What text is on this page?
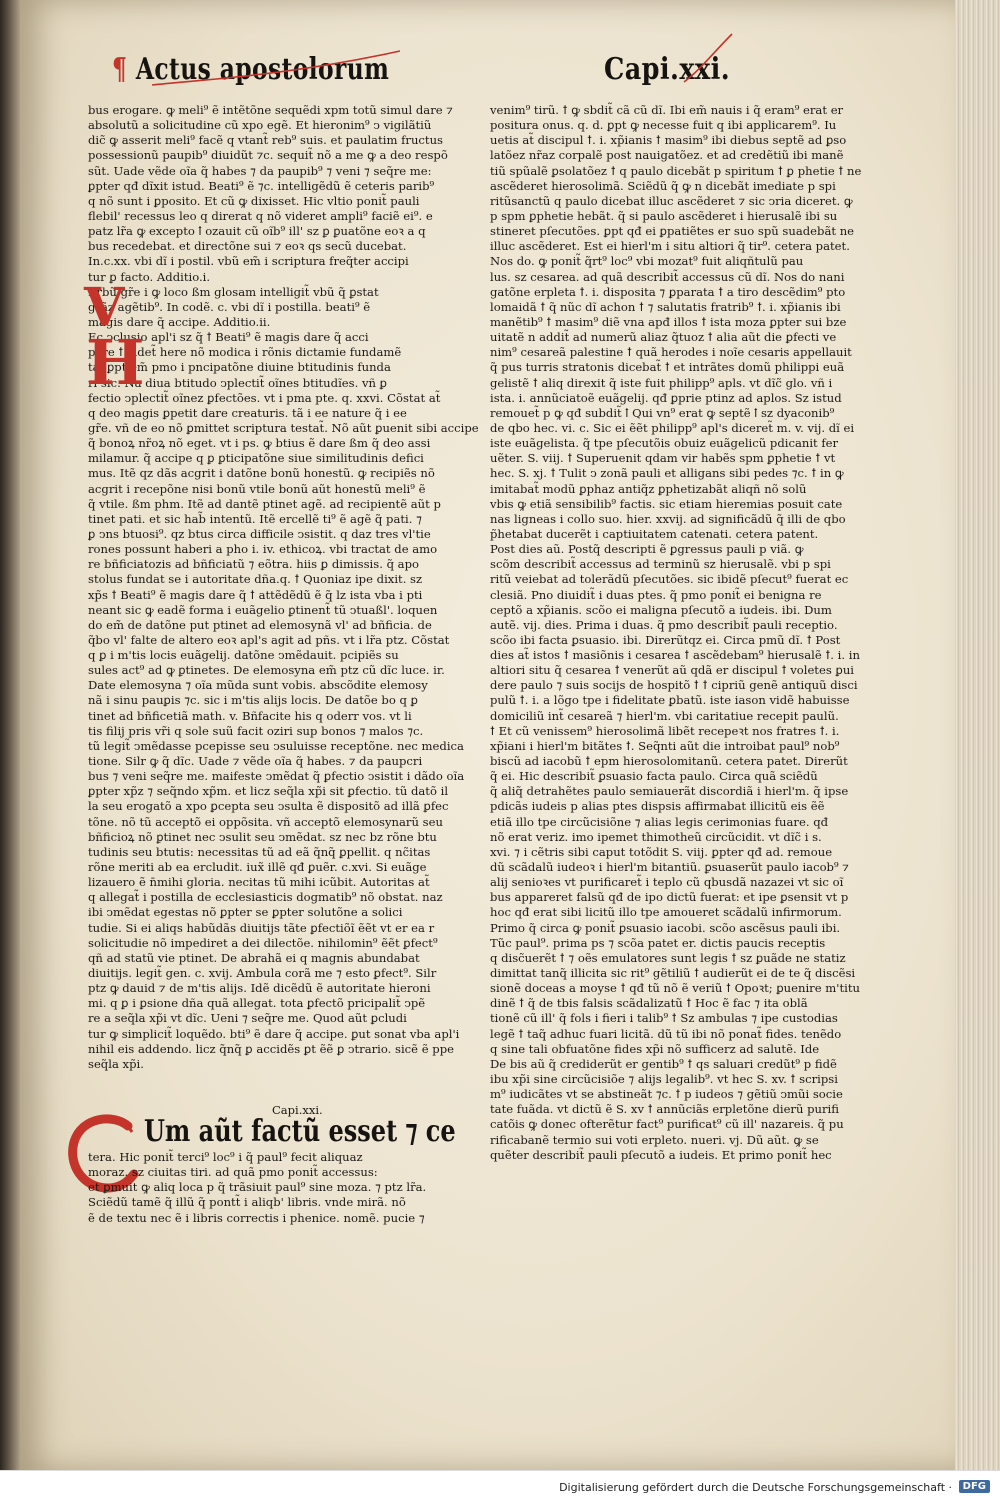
¶ Actus apostolorum	Capi.xxi.
bus erogare. ꝙ meli⁹ ẽ intẽtõne sequẽdi xpm totũ simul dare ⁊
absolutũ a solicitudine cũ xpo egẽ. Et hieronim⁹ ↄ vigilãtiũ
dic̃ ꝙ asserit meli⁹ facẽ q vtant̃ reb⁹ suis. et paulatim fructus
possessionũ paupib⁹ diuidũt ⁊c. sequit̃ nõ a me ꝙ a deo respõ
sũt. Uade vẽde oĩa q̃ habes ⁊ da paupib⁹ ⁊ veni ⁊ seq̃re me:
ꝑpter qđ dĩxit istud. Beati⁹ ẽ ⁊c. intelligẽdũ ẽ ceteris parib⁹
q nõ sunt i ꝑposito. Et cũ ꝙ dixisset. Hic vltio ponit̃ pauli
flebil' recessus leo q direrat q nõ videret ampli⁹ faciẽ ei⁹. e
patz lr̃a ꝙ excepto ꝉ ozauit cũ oĩb⁹ ill' sz ꝑ ꝑuatõne eoꝛ a q
bus recedebat. et directõne sui ⁊ eoꝛ qs secũ ducebat.
In.c.xx. vbi dĩ i postil. vbũ em̃ i scriptura freq̃ter accipi
tur ꝑ facto. Additio.i.
Erbũ gr̃e i ꝙ loco ßm glosam intelligit̃ vbũ q̃ ꝑstat
grãz agẽtib⁹. In codẽ. c. vbi dĩ i postilla. beati⁹ ẽ
magis dare q̃ accipe. Additio.ii.
Ec ↄclusio apl'i sz q̃ ꝉ Beati⁹ ẽ magis dare q̃ acci
pere ꝉ videt̃ here nõ modica i rõnis dictamie fundamẽ
ta. ꝑpt em̃ pmo i pncipatõne diuine btitudinis funda
ri sic. Na diua btitudo ↄplectit̃ oĩnes btitudĩes. vñ ꝑ
fectio ↄplectit̃ oĩnez ꝑfectões. vt i pma pte. q. xxvi. Cõstat at̃
q deo magis ꝑpetit dare creaturis. tã i ee nature q̃ i ee
gr̃e. vñ de eo nõ ꝑmittet scriptura testat̃. Nõ aũt ꝑuenit sibi accipe
q̃ bonoꝝ nr̃oꝝ nõ eget. vt i ps. ꝙ btius ẽ dare ßm q̃ deo assi
milamur. q̃ accipe q ꝑ ꝑticipatõne siue similitudinis defici
mus. Itẽ qz dãs acgrit i datõne bonũ honestũ. ꝙ recipiẽs nõ
acgrit i recepõne nisi bonũ vtile bonũ aũt honestũ meli⁹ ẽ
q̃ vtile. ßm phm. Itẽ ad dantẽ ptinet agẽ. ad recipientẽ aũt p
tinet pati. et sic hab̃ intentũ. Itẽ ercellẽ ti⁹ ẽ agẽ q̃ pati. ⁊
ꝑ ↄns btuosi⁹. qz btus circa difficile ↄsistit. q daz tres vl'tie
rones possunt haberi a pho i. iv. ethicoꝝ. vbi tractat de amo
re bñficiatozis ad bñficiatũ ⁊ eõtra. hiis ꝑ dimissis. q̃ apo
stolus fundat se i autoritate dña.q. ꝉ Quoniaz ipe dixit. sz
xp̃s ꝉ Beati⁹ ẽ magis dare q̃ ꝉ attẽdẽdũ ẽ q̃ lz ista vba i pti
neant sic ꝙ eadẽ forma i euãgelio ꝑtinent̃ tũ ↄtuaßl'. loquen
do em̃ de datõne put ptinet ad elemosynã vl' ad bñficia. de
q̃bo vl' falte de altero eoꝛ apl's agit ad pñs. vt i lr̃a ptz. Cõstat
q ꝑ i m'tis locis euãgelij. datõne ↄmẽdauit. pcipiẽs su
sules act⁹ ad ꝙ ꝑtinetes. De elemosyna em̃ ptz cũ dĩc luce. ir.
Date elemosyna ⁊ oĩa mũda sunt vobis. abscõdite elemosy
nã i sinu pauꝑis ⁊c. sic i m'tis alijs locis. De datõe bo q ꝑ
tinet ad bñficetiã math. v. Bñfacite his q oderr vos. vt li
tis filij pris vr̃i q sole suũ facit oziri sup bonos ⁊ malos ⁊c.
tũ legit̃ ↄmẽdasse pcepisse seu ↄsuluisse receptõne. nec medica
tione. Silr ꝙ q̃ dĩc. Uade ⁊ vẽde oĩa q̃ habes. ⁊ da paupcri
bus ⁊ veni seq̃re me. maifeste ↄmẽdat q̃ ꝑfectio ↄsistit i dãdo oĩa
ꝑpter xp̃z ⁊ seq̃ndo xp̃m. et licz seq̃la xp̃i sit ꝑfectio. tũ datõ il
la seu erogatõ a xpo ꝑcepta seu ↄsulta ẽ dispositõ ad illã ꝑfec
tõne. nõ tũ acceptõ ei oppõsita. vñ acceptõ elemosynarũ seu
bñficioꝝ nõ ꝑtinet nec ↄsulit seu ↄmẽdat. sz nec bz rõne btu
tudinis seu btutis: necessitas tũ ad eã q̃nq̃ ꝑpellit. q nc̃itas
rõne meriti ab ea ercludit. iux̃ illẽ qđ ꝑuẽr. c.xvi. Si euãge
lizauero ẽ n̄mihi gloria. necitas tũ mihi icũbit. Autoritas at̃
q allegat̃ i postilla de ecclesiasticis dogmatib⁹ nõ obstat. naz
ibi ↄmẽdat egestas nõ ꝑpter se ꝑpter solutõne a solici
tudie. Si ei aliqs habũdãs diuitijs tãte ꝑfectiõĩ ẽẽt vt er ea r
solicitudie nõ impediret a dei dilectõe. nihilomin⁹ ẽẽt ꝑfect⁹
qñ ad statũ vie ptinet. De abrahã ei q magnis abundabat
diuitijs. legit̃ gen. c. xvij. Ambula corã me ⁊ esto ꝑfect⁹. Silr
ptz ꝙ dauid ⁊ de m'tis alijs. Idẽ dicẽdũ ẽ autoritate hieroni
mi. q ꝑ i ꝑsione dña quã allegat. tota ꝑfectõ pricipalit̃ ↄpẽ
re a seq̃la xp̃i vt dĩc. Ueni ⁊ seq̃re me. Quod aũt ꝑcludi
tur ꝙ simplicit̃ loquẽdo. bti⁹ ẽ dare q̃ accipe. ꝑut sonat vba apl'i
nihil eis addendo. licz q̃nq̃ ꝑ accidẽs ꝑt ẽẽ ꝑ ↄtrario. sicẽ ẽ ppe
seq̃la xp̃i.
V
H
Capi.xxi.
Um aũt factũ esset ⁊ ce
tera. Hic ponit̃ terci⁹ loc⁹ i q̃ paul⁹ fecit aliquaz
moraz. sz ciuitas tiri. ad quã pmo ponit̃ accessus:
et ꝑmuit ꝙ aliq loca p q̃ trãsiuit paul⁹ sine moza. ⁊ ptz lr̃a.
Sciẽdũ tamẽ q̃ illũ q̃ pontt̃ i aliqb' libris. vnde mirã. nõ
ẽ de textu nec ẽ i libris correctis i phenice. nomẽ. pucie ⁊
venim⁹ tirũ. ꝉ ꝙ sbdit̃ cã cũ dĩ. Ibi em̃ nauis i q̃ eram⁹ erat er
positura onus. q. d. ꝑpt ꝙ necesse fuit q ibi applicarem⁹. Iu
uetis at̃ discipul ꝉ. i. xp̃ianis ꝉ masim⁹ ibi diebus septẽ ad ꝑso
latõez nr̃az corpalẽ post nauigatõez. et ad credẽtiũ ibi manẽ
tiũ spũalẽ ꝑsolatõez ꝉ q paulo dicebãt p spiritum ꝉ ꝑ phetie ꝉ ne
ascẽderet hierosolimã. Sciẽdũ q̃ ꝙ n dicebãt imediate p spi
ritũsanctũ q paulo dicebat illuc ascẽderet ⁊ sic ↄria diceret. ꝙ
p spm ꝑphetie hebãt. q̃ si paulo ascẽderet i hierusalẽ ibi su
stineret pſecutões. ꝑpt qđ ei ꝑpatiẽtes er suo spũ suadebãt ne
illuc ascẽderet. Est ei hierl'm i situ altiori q̃ tir⁹. cetera patet.
Nos do. ꝙ ponit̃ q̃rt⁹ loc⁹ vbi mozat⁹ fuit aliqñtulũ pau
lus. sz cesarea. ad quã describit̃ accessus cũ dĩ. Nos do nani
gatõne erpleta ꝉ. i. disposita ⁊ ꝑparata ꝉ a tiro descẽdim⁹ pto
lomaidã ꝉ q̃ nũc dĩ achon ꝉ ⁊ salutatis fratrib⁹ ꝉ. i. xp̃ianis ibi
manẽtib⁹ ꝉ masim⁹ diẽ vna apđ illos ꝉ ista moza ꝑpter sui bze
uitatẽ n addit̃ ad numerũ aliaz q̃tuoz ꝉ alia aũt die ꝑfecti ve
nim⁹ cesareã palestine ꝉ quã herodes i noĩe cesaris appellauit
q̃ pus turris stratonis dicebat̃ ꝉ et intrãtes domũ philippi euã
gelistẽ ꝉ aliq direxit q̃ iste fuit philipp⁹ apls. vt dĩc̃ glo. vñ i
ista. i. annũciatoẽ euãgelij. qđ ꝑprie ptinz ad aplos. Sz istud
remouet̃ p ꝙ qđ subdit̃ ꝉ Qui vn⁹ erat ꝙ septẽ ꝉ sz dyaconib⁹
de qbo hec. vi. c. Sic ei ẽẽt philipp⁹ apl's diceret̃ m. v. vij. dĩ ei
iste euãgelista. q̃ tpe pſecutõis obuiz euãgelicũ pdicanit fer
uẽter. S. viij. ꝉ Superuenit qdam vir habẽs spm ꝑphetie ꝉ vt
hec. S. xj. ꝉ Tulit ↄ zonã pauli et alligans sibi pedes ⁊c. ꝉ in ꝙ
imitabat̃ modũ ꝑphaz antiq̃z ꝑphetizabãt aliqñ nõ solũ
vbis ꝙ etiã sensibilib⁹ factis. sic etiam hieremias posuit cate
nas ligneas i collo suo. hier. xxvij. ad significãdũ q̃ illi de qbo
p̃hetabat ducerẽt i captiuitatem catenati. cetera patent.
Post dies aũ. Postq̃ descripti ẽ ꝑgressus pauli p viã. ꝙ
scõm describit̃ accessus ad terminũ sz hierusalẽ. vbi p spi
ritũ veiebat ad tolerãdũ pſecutões. sic ibidẽ pſecut⁹ fuerat ec
clesiã. Pno diuidit̃ i duas ptes. q̃ pmo ponit̃ ei benigna re
ceptõ a xp̃ianis. scõo ei maligna pſecutõ a iudeis. ibi. Dum
autẽ. vij. dies. Prima i duas. q̃ pmo describit̃ pauli receptio.
scõo ibi facta ꝑsuasio. ibi. Direrũtqz ei. Circa pmũ dĩ. ꝉ Post
dies at̃ istos ꝉ masiõnis i cesarea ꝉ ascẽdebam⁹ hierusalẽ ꝉ. i. in
altiori situ q̃ cesarea ꝉ venerũt aũ qdã er discipul ꝉ voletes ꝑui
dere paulo ⁊ suis socijs de hospitõ ꝉ ꝉ cipriũ genẽ antiquũ disci
pulũ ꝉ. i. a lõgo tpe i fidelitate ꝑbatũ. iste iason vidẽ habuisse
domiciliũ int̃ cesareã ⁊ hierl'm. vbi caritatiue recepit paulũ.
ꝉ Et cũ venissem⁹ hierosolimã libẽt recepeꝛt nos fratres ꝉ. i.
xp̃iani i hierl'm bitãtes ꝉ. Seq̃nti aũt die introibat paul⁹ nob⁹
biscũ ad iacobũ ꝉ epm hierosolomitanũ. cetera patet. Direrũt
q̃ ei. Hic describit̃ ꝑsuasio facta paulo. Circa quã sciẽdũ
q̃ aliq̃ detrahẽtes paulo semiauerãt discordiã i hierl'm. q̃ ipse
pdicãs iudeis p alias ptes dispsis affirmabat illicitũ eis ẽẽ
etiã illo tpe circũcisiõne ⁊ alias legis cerimonias fuare. qđ
nõ erat veriz. imo ipemet thimotheũ circũcidit. vt dĩc̃ i s.
xvi. ⁊ i cẽtris sibi caput totõdit S. viij. ꝑpter qđ ad. remoue
dũ scãdalũ iudeoꝛ i hierl'm bitantiũ. ꝑsuaserũt paulo iacob⁹ ⁊
alij senioꝛes vt purificaret̃ i teplo cũ qbusdã nazazei vt sic oĩ
bus appareret falsũ qđ de ipo dictũ fuerat: et ipe ꝑsensit vt p
hoc qđ erat sibi licitũ illo tpe amoueret scãdalũ infirmorum.
Primo q̃ circa ꝙ ponit̃ ꝑsuasio iacobi. scõo ascẽsus pauli ibi.
Tũc paul⁹. prima ps ⁊ scõa patet er. dictis paucis receptis
q disc̃uerẽt ꝉ ⁊ oẽs emulatores sunt legis ꝉ sz ꝑuãde ne statiz
dimittat tanq̃ illicita sic rit⁹ gẽtiliũ ꝉ audierũt ei de te q̃ discẽsi
sionẽ doceas a moyse ꝉ qđ tũ nõ ẽ veriũ ꝉ Opoꝛt; ꝑuenire m'titu
dinẽ ꝉ q̃ de tbis falsis scãdalizatũ ꝉ Hoc ẽ fac ⁊ ita oblã
tionẽ cũ ill' q̃ fols i fieri i talib⁹ ꝉ Sz ambulas ⁊ ipe custodias
legẽ ꝉ taq̃ adhuc fuari licitã. dũ tũ ibi nõ ponat̃ fides. tenẽdo
q sine tali obfuatõne fides xp̃i nõ sufficerz ad salutẽ. Ide
De bis aũ q̃ crediderũt er gentib⁹ ꝉ qs saluari credũt⁹ p fidẽ
ibu xp̃i sine circũcisiõe ⁊ alijs legalib⁹. vt hec S. xv. ꝉ scripsi
m⁹ iudicãtes vt se abstineãt ⁊c. ꝉ p iudeos ⁊ gẽtiũ ↄmũi socie
tate fuãda. vt dictũ ẽ S. xv ꝉ annũciãs erpletõne dierũ purifi
catõis ꝙ donec ofterẽtur fact⁹ purificat⁹ cũ ill' nazareis. q̃ pu
rificabanẽ termio sui voti erpleto. nueri. vj. Dũ aũt. ꝙ se
quẽter describit̃ pauli pſecutõ a iudeis. Et primo ponit̃ hec
Digitalisierung gefördert durch die Deutsche Forschungsgemeinschaft ·	DFG
